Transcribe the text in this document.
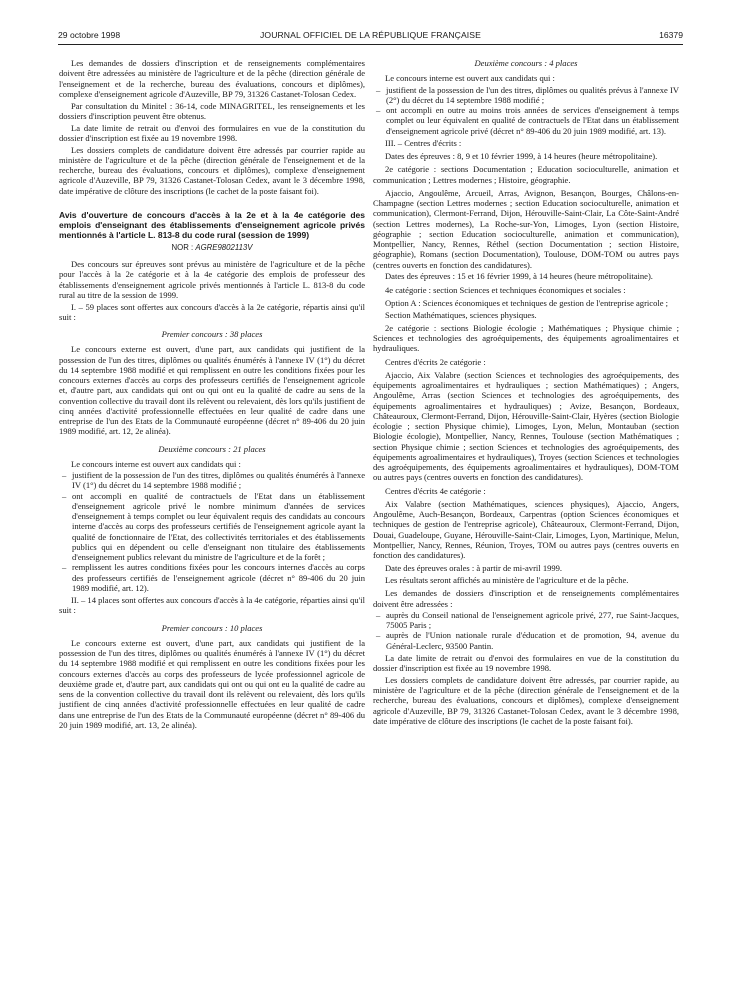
29 octobre 1998	JOURNAL OFFICIEL DE LA RÉPUBLIQUE FRANÇAISE	16379

Les demandes de dossiers d'inscription et de renseignements complémentaires doivent être adressées au ministère de l'agriculture et de la pêche (direction générale de l'enseignement et de la recherche, bureau des évaluations, concours et diplômes), complexe d'enseignement agricole d'Auzeville, BP 79, 31326 Castanet-Tolosan Cedex.

Par consultation du Minitel : 36-14, code MINAGRITEL, les renseignements et les dossiers d'inscription peuvent être obtenus.

La date limite de retrait ou d'envoi des formulaires en vue de la constitution du dossier d'inscription est fixée au 19 novembre 1998.

Les dossiers complets de candidature doivent être adressés par courrier rapide au ministère de l'agriculture et de la pêche (direction générale de l'enseignement et de la recherche, bureau des évaluations, concours et diplômes), complexe d'enseignement agricole d'Auzeville, BP 79, 31326 Castanet-Tolosan Cedex, avant le 3 décembre 1998, date impérative de clôture des inscriptions (le cachet de la poste faisant foi).

Avis d'ouverture de concours d'accès à la 2e et à la 4e catégorie des emplois d'enseignant des établissements d'enseignement agricole privés mentionnés à l'article L. 813-8 du code rural (session de 1999)

NOR : AGRE9802113V

Des concours sur épreuves sont prévus au ministère de l'agriculture et de la pêche pour l'accès à la 2e catégorie et à la 4e catégorie des emplois de professeur des établissements d'enseignement agricole privés mentionnés à l'article L. 813-8 du code rural au titre de la session de 1999.

I. – 59 places sont offertes aux concours d'accès à la 2e catégorie, répartis ainsi qu'il suit :

Premier concours : 38 places

Le concours externe est ouvert, d'une part, aux candidats qui justifient de la possession de l'un des titres, diplômes ou qualités énumérés à l'annexe IV (1°) du décret du 14 septembre 1988 modifié et qui remplissent en outre les conditions fixées pour les concours externes d'accès au corps des professeurs certifiés de l'enseignement agricole et, d'autre part, aux candidats qui ont ou qui ont eu la qualité de cadre au sens de la convention collective du travail dont ils relèvent ou relevaient, dès lors qu'ils justifient de cinq années d'activité professionnelle effectuées en leur qualité de cadre dans une entreprise de l'un des Etats de la Communauté européenne (décret n° 89-406 du 20 juin 1989 modifié, art. 12, 2e alinéa).

Deuxième concours : 21 places

Le concours interne est ouvert aux candidats qui :

– justifient de la possession de l'un des titres, diplômes ou qualités énumérés à l'annexe IV (1°) du décret du 14 septembre 1988 modifié ;
– ont accompli en qualité de contractuels de l'Etat dans un établissement d'enseignement agricole privé le nombre minimum d'années de services d'enseignement à temps complet ou leur équivalent requis des candidats au concours interne d'accès au corps des professeurs certifiés de l'enseignement agricole ayant la qualité de fonctionnaire de l'Etat, des collectivités territoriales et des établissements publics qui en dépendent ou celle d'enseignant non titulaire des établissements d'enseignement publics relevant du ministre de l'agriculture et de la forêt ;
– remplissent les autres conditions fixées pour les concours internes d'accès au corps des professeurs certifiés de l'enseignement agricole (décret n° 89-406 du 20 juin 1989 modifié, art. 12).

II. – 14 places sont offertes aux concours d'accès à la 4e catégorie, réparties ainsi qu'il suit :

Premier concours : 10 places

Le concours externe est ouvert, d'une part, aux candidats qui justifient de la possession de l'un des titres, diplômes ou qualités énumérés à l'annexe IV (1°) du décret du 14 septembre 1988 modifié et qui remplissent en outre les conditions fixées pour les concours externes d'accès au corps des professeurs de lycée professionnel agricole de deuxième grade et, d'autre part, aux candidats qui ont ou qui ont eu la qualité de cadre au sens de la convention collective du travail dont ils relèvent ou relevaient, dès lors qu'ils justifient de cinq années d'activité professionnelle effectuées en leur qualité de cadre dans une entreprise de l'un des Etats de la Communauté européenne (décret n° 89-406 du 20 juin 1989 modifié, art. 13, 2e alinéa).

Deuxième concours : 4 places

Le concours interne est ouvert aux candidats qui :

– justifient de la possession de l'un des titres, diplômes ou qualités prévus à l'annexe IV (2°) du décret du 14 septembre 1988 modifié ;
– ont accompli en outre au moins trois années de services d'enseignement à temps complet ou leur équivalent en qualité de contractuels de l'Etat dans un établissement d'enseignement agricole privé (décret n° 89-406 du 20 juin 1989 modifié, art. 13).

III. – Centres d'écrits :

Dates des épreuves : 8, 9 et 10 février 1999, à 14 heures (heure métropolitaine).

2e catégorie : sections Documentation ; Education socioculturelle, animation et communication ; Lettres modernes ; Histoire, géographie.

Ajaccio, Angoulême, Arcueil, Arras, Avignon, Besançon, Bourges, Châlons-en-Champagne (section Lettres modernes ; section Education socioculturelle, animation et communication), Clermont-Ferrand, Dijon, Hérouville-Saint-Clair, La Côte-Saint-André (section Lettres modernes), La Roche-sur-Yon, Limoges, Lyon (section Histoire, géographie ; section Education socioculturelle, animation et communication), Montpellier, Nancy, Rennes, Réthel (section Documentation ; section Histoire, géographie), Romans (section Documentation), Toulouse, DOM-TOM ou autres pays (centres ouverts en fonction des candidatures).

Dates des épreuves : 15 et 16 février 1999, à 14 heures (heure métropolitaine).

4e catégorie : section Sciences et techniques économiques et sociales :

Option A : Sciences économiques et techniques de gestion de l'entreprise agricole ;

Section Mathématiques, sciences physiques.

2e catégorie : sections Biologie écologie ; Mathématiques ; Physique chimie ; Sciences et technologies des agroéquipements, des équipements agroalimentaires et hydrauliques.

Centres d'écrits 2e catégorie :

Ajaccio, Aix Valabre (section Sciences et technologies des agroéquipements, des équipements agroalimentaires et hydrauliques ; section Mathématiques) ; Angers, Angoulême, Arras (section Sciences et technologies des agroéquipements, des équipements agroalimentaires et hydrauliques) ; Avize, Besançon, Bordeaux, Châteauroux, Clermont-Ferrand, Dijon, Hérouville-Saint-Clair, Hyères (section Biologie écologie ; section Physique chimie), Limoges, Lyon, Melun, Montauban (section Biologie écologie), Montpellier, Nancy, Rennes, Toulouse (section Mathématiques ; section Physique chimie ; section Sciences et technologies des agroéquipements, des équipements agroalimentaires et hydrauliques), Troyes (section Sciences et technologies des agroéquipements, des équipements agroalimentaires et hydrauliques), DOM-TOM ou autres pays (centres ouverts en fonction des candidatures).

Centres d'écrits 4e catégorie :

Aix Valabre (section Mathématiques, sciences physiques), Ajaccio, Angers, Angoulême, Auch-Besançon, Bordeaux, Carpentras (option Sciences économiques et techniques de gestion de l'entreprise agricole), Châteauroux, Clermont-Ferrand, Dijon, Douai, Guadeloupe, Guyane, Hérouville-Saint-Clair, Limoges, Lyon, Martinique, Melun, Montpellier, Nancy, Rennes, Réunion, Troyes, TOM ou autres pays (centres ouverts en fonction des candidatures).

Date des épreuves orales : à partir de mi-avril 1999.

Les résultats seront affichés au ministère de l'agriculture et de la pêche.

Les demandes de dossiers d'inscription et de renseignements complémentaires doivent être adressées :

– auprès du Conseil national de l'enseignement agricole privé, 277, rue Saint-Jacques, 75005 Paris ;
– auprès de l'Union nationale rurale d'éducation et de promotion, 94, avenue du Général-Leclerc, 93500 Pantin.

La date limite de retrait ou d'envoi des formulaires en vue de la constitution du dossier d'inscription est fixée au 19 novembre 1998.

Les dossiers complets de candidature doivent être adressés, par courrier rapide, au ministère de l'agriculture et de la pêche (direction générale de l'enseignement et de la recherche, bureau des évaluations, concours et diplômes), complexe d'enseignement agricole d'Auzeville, BP 79, 31326 Castanet-Tolosan Cedex, avant le 3 décembre 1998, date impérative de clôture des inscriptions (le cachet de la poste faisant foi).
